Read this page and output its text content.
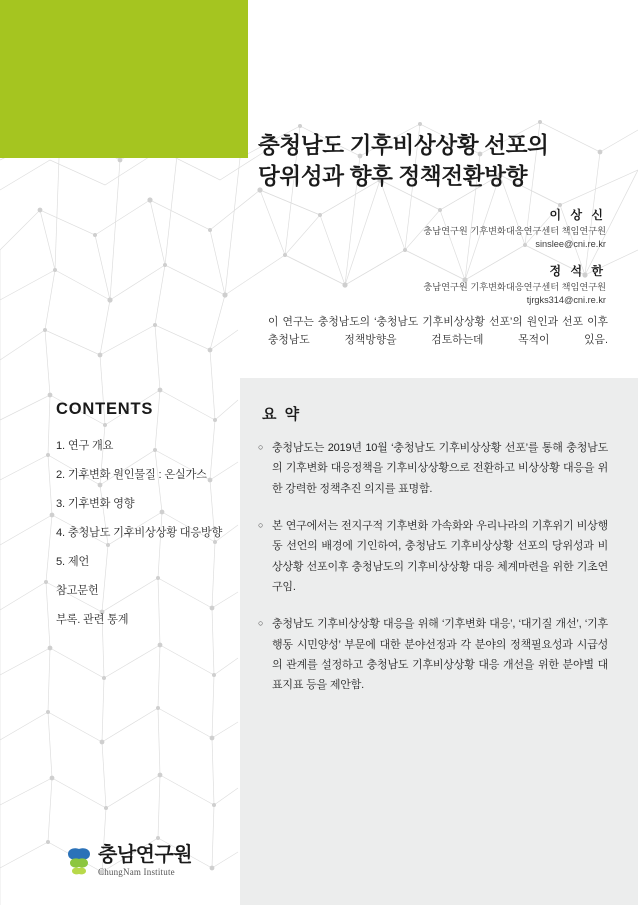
충청남도 기후비상상황 선포의
당위성과 향후 정책전환방향
이 상 신
충남연구원 기후변화대응연구센터 책임연구원
sinslee@cni.re.kr
정 석 한
충남연구원 기후변화대응연구센터 책임연구원
tjrgks314@cni.re.kr
이 연구는 충청남도의 ‘충청남도 기후비상상황 선포’의 원인과 선포 이후 충청남도 정책방향을 검토하는데 목적이 있음.
CONTENTS
1. 연구 개요
2. 기후변화 원인물질 : 온실가스
3. 기후변화 영향
4. 충청남도 기후비상상황 대응방향
5. 제언
참고문헌
부록. 관련 통계
요 약
○ 충청남도는 2019년 10월 ‘충청남도 기후비상상황 선포’를 통해 충청남도의 기후변화 대응정책을 기후비상상황으로 전환하고 비상상황 대응을 위한 강력한 정책추진 의지를 표명함.
○ 본 연구에서는 전지구적 기후변화 가속화와 우리나라의 기후위기 비상행동 선언의 배경에 기인하여, 충청남도 기후비상상황 선포의 당위성과 비상상황 선포이후 충청남도의 기후비상상황 대응 체계마련을 위한 기초연구임.
○ 충청남도 기후비상상황 대응을 위해 ‘기후변화 대응’, ‘대기질 개선’, ‘기후행동 시민양성’ 부문에 대한 분야선정과 각 분야의 정책필요성과 시급성의 관계를 설정하고 충청남도 기후비상상황 대응 개선을 위한 분야별 대표지표 등을 제안함.
충남연구원
ChungNam Institute
